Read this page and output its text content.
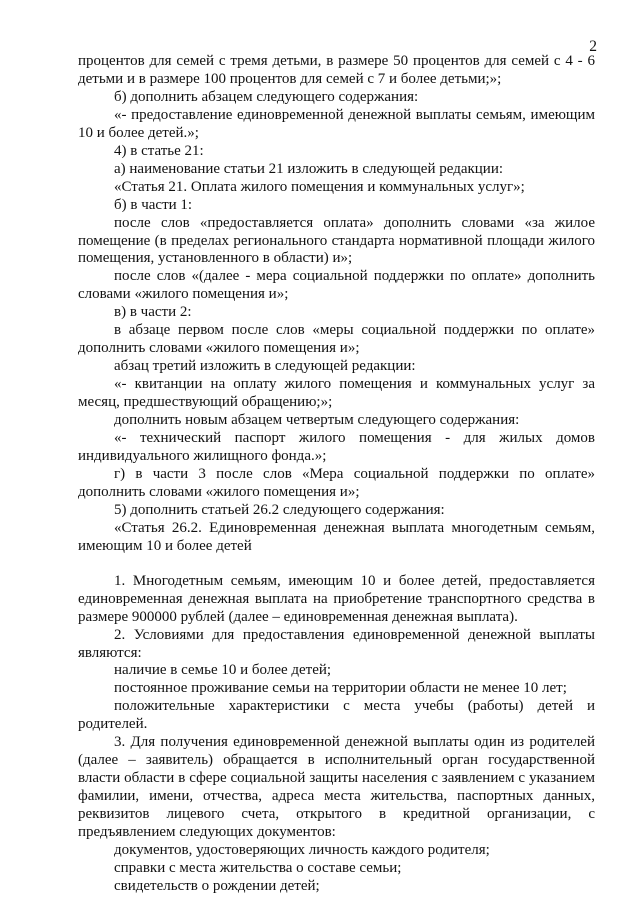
2

процентов для семей с тремя детьми, в размере 50 процентов для семей с 4 - 6 детьми и в размере 100 процентов для семей с 7 и более детьми;»;

б) дополнить абзацем следующего содержания:

«- предоставление единовременной денежной выплаты семьям, имеющим 10 и более детей.»;

4) в статье 21:

а) наименование статьи 21 изложить в следующей редакции:

«Статья 21. Оплата жилого помещения и коммунальных услуг»;

б) в части 1:

после слов «предоставляется оплата» дополнить словами «за жилое помещение (в пределах регионального стандарта нормативной площади жилого помещения, установленного в области) и»;

после слов «(далее - мера социальной поддержки по оплате» дополнить словами «жилого помещения и»;

в) в части 2:

в абзаце первом после слов «меры социальной поддержки по оплате» дополнить словами «жилого помещения и»;

абзац третий изложить в следующей редакции:

«- квитанции на оплату жилого помещения и коммунальных услуг за месяц, предшествующий обращению;»;

дополнить новым абзацем четвертым следующего содержания:

«- технический паспорт жилого помещения - для жилых домов индивидуального жилищного фонда.»;

г) в части 3 после слов «Мера социальной поддержки по оплате» дополнить словами «жилого помещения и»;

5) дополнить статьей 26.2 следующего содержания:

«Статья 26.2. Единовременная денежная выплата многодетным семьям, имеющим 10 и более детей

1. Многодетным семьям, имеющим 10 и более детей, предоставляется единовременная денежная выплата на приобретение транспортного средства в размере 900000 рублей (далее – единовременная денежная выплата).

2. Условиями для предоставления единовременной денежной выплаты являются:

наличие в семье 10 и более детей;

постоянное проживание семьи на территории области не менее 10 лет;

положительные характеристики с места учебы (работы) детей и родителей.

3. Для получения единовременной денежной выплаты один из родителей (далее – заявитель) обращается в исполнительный орган государственной власти области в сфере социальной защиты населения с заявлением с указанием фамилии, имени, отчества, адреса места жительства, паспортных данных, реквизитов лицевого счета, открытого в кредитной организации, с предъявлением следующих документов:

документов, удостоверяющих личность каждого родителя;

справки с места жительства о составе семьи;

свидетельств о рождении детей;
